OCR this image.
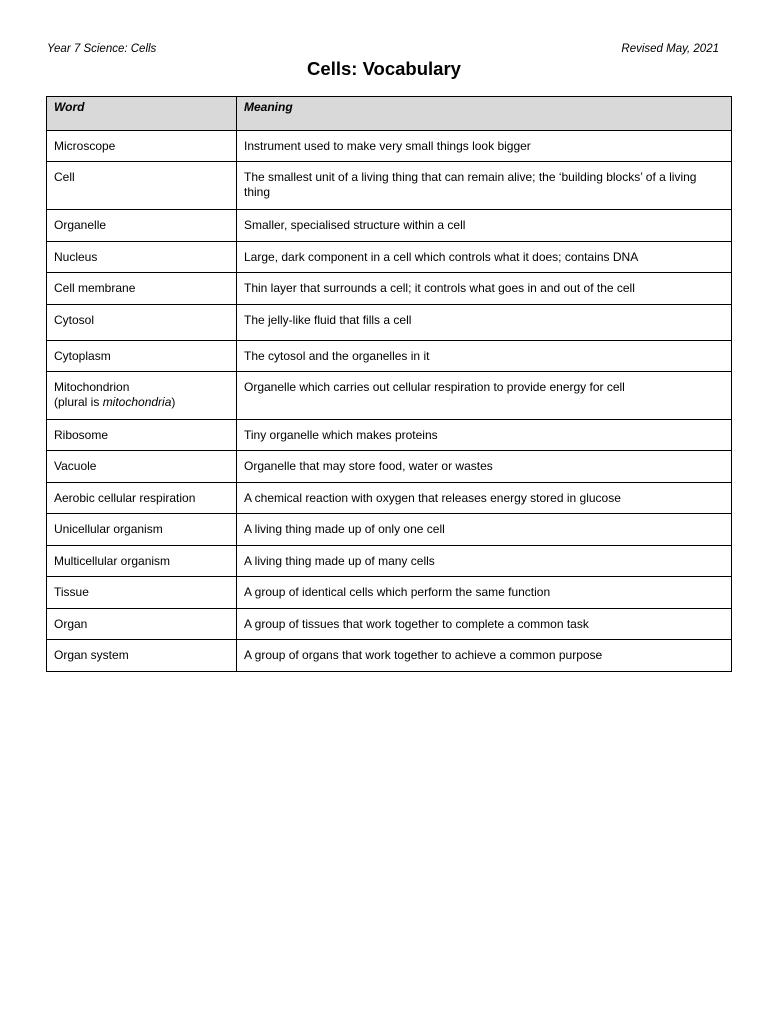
Year 7 Science: Cells	Revised May, 2021
Cells: Vocabulary
Word	Meaning
Microscope	Instrument used to make very small things look bigger
Cell	The smallest unit of a living thing that can remain alive; the ‘building blocks’ of a living thing
Organelle	Smaller, specialised structure within a cell
Nucleus	Large, dark component in a cell which controls what it does; contains DNA
Cell membrane	Thin layer that surrounds a cell; it controls what goes in and out of the cell
Cytosol	The jelly-like fluid that fills a cell
Cytoplasm	The cytosol and the organelles in it

Mitochondrion
(plural is mitochondria)	Organelle which carries out cellular respiration to provide energy for cell
Ribosome	Tiny organelle which makes proteins
Vacuole	Organelle that may store food, water or wastes
Aerobic cellular respiration	A chemical reaction with oxygen that releases energy stored in glucose
Unicellular organism	A living thing made up of only one cell
Multicellular organism	A living thing made up of many cells
Tissue	A group of identical cells which perform the same function
Organ	A group of tissues that work together to complete a common task
Organ system	A group of organs that work together to achieve a common purpose
